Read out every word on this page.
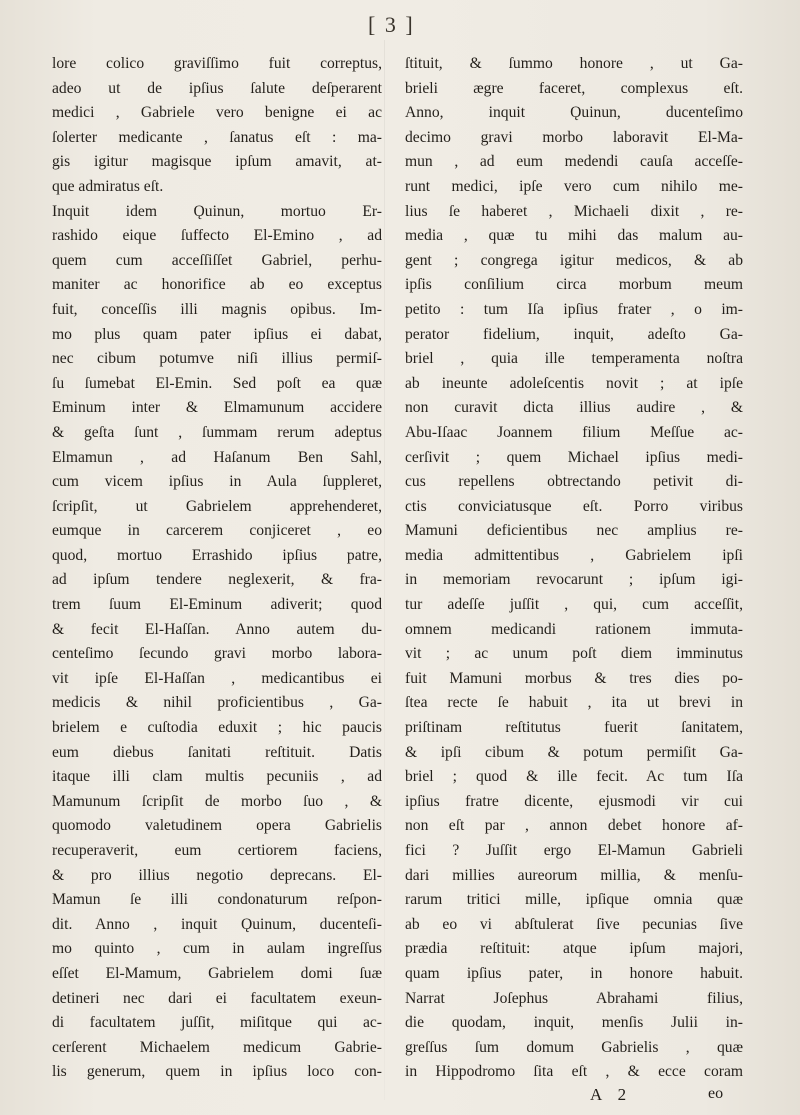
[ 3 ]
lore colico graviſſimo fuit correptus,
adeo ut de ipſius ſalute deſperarent
medici , Gabriele vero benigne ei ac
ſolerter medicante , ſanatus eſt : ma-
gis igitur magisque ipſum amavit, at-
que admiratus eſt.
Inquit idem Ǫuinun, mortuo Er-
rashido eique ſuffecto El-Emino , ad
quem cum acceſſiſſet Gabriel, perhu-
maniter ac honorifice ab eo exceptus
fuit, conceſſis illi magnis opibus. Im-
mo plus quam pater ipſius ei dabat,
nec cibum potumve niſi illius permiſ-
ſu ſumebat El-Emin. Sed poſt ea quæ
Eminum inter & Elmamunum accidere
& geſta ſunt , ſummam rerum adeptus
Elmamun , ad Haſanum Ben Sahl,
cum vicem ipſius in Aula ſuppleret,
ſcripſit, ut Gabrielem apprehenderet,
eumque in carcerem conjiceret , eo
quod, mortuo Errashido ipſius patre,
ad ipſum tendere neglexerit, & fra-
trem ſuum El-Eminum adiverit; quod
& fecit El-Haſſan. Anno autem du-
centeſimo ſecundo gravi morbo labora-
vit ipſe El-Haſſan , medicantibus ei
medicis & nihil proficientibus , Ga-
brielem e cuſtodia eduxit ; hic paucis
eum diebus ſanitati reſtituit. Datis
itaque illi clam multis pecuniis , ad
Mamunum ſcripſit de morbo ſuo , &
quomodo valetudinem opera Gabrielis
recuperaverit, eum certiorem faciens,
& pro illius negotio deprecans. El-
Mamun ſe illi condonaturum reſpon-
dit. Anno , inquit Ǫuinum, ducenteſi-
mo quinto , cum in aulam ingreſſus
eſſet El-Mamum, Gabrielem domi ſuæ
detineri nec dari ei facultatem exeun-
di facultatem juſſit, miſitque qui ac-
cerſerent Michaelem medicum Gabrie-
lis generum, quem in ipſius loco con-
ſtituit, & ſummo honore , ut Ga-
brieli ægre faceret, complexus eſt.
Anno, inquit Ǫuinun, ducenteſimo
decimo gravi morbo laboravit El-Ma-
mun , ad eum medendi cauſa acceſſe-
runt medici, ipſe vero cum nihilo me-
lius ſe haberet , Michaeli dixit , re-
media , quæ tu mihi das malum au-
gent ; congrega igitur medicos, & ab
ipſis conſilium circa morbum meum
petito : tum Iſa ipſius frater , o im-
perator fidelium, inquit, adeſto Ga-
briel , quia ille temperamenta noſtra
ab ineunte adoleſcentis novit ; at ipſe
non curavit dicta illius audire , &
Abu-Iſaac Joannem filium Meſſue ac-
cerſivit ; quem Michael ipſius medi-
cus repellens obtrectando petivit di-
ctis conviciatusque eſt. Porro viribus
Mamuni deficientibus nec amplius re-
media admittentibus , Gabrielem ipſi
in memoriam revocarunt ; ipſum igi-
tur adeſſe juſſit , qui, cum acceſſit,
omnem medicandi rationem immuta-
vit ; ac unum poſt diem imminutus
fuit Mamuni morbus & tres dies po-
ſtea recte ſe habuit , ita ut brevi in
priſtinam reſtitutus fuerit ſanitatem,
& ipſi cibum & potum permiſit Ga-
briel ; quod & ille fecit. Ac tum Iſa
ipſius fratre dicente, ejusmodi vir cui
non eſt par , annon debet honore af-
fici ? Juſſit ergo El-Mamun Gabrieli
dari millies aureorum millia, & menſu-
rarum tritici mille, ipſique omnia quæ
ab eo vi abſtulerat ſive pecunias ſive
prædia reſtituit: atque ipſum majori,
quam ipſius pater, in honore habuit.
Narrat Joſephus Abrahami filius,
die quodam, inquit, menſis Julii in-
greſſus ſum domum Gabrielis , quæ
in Hippodromo ſita eſt , & ecce coram
A 2	eo
